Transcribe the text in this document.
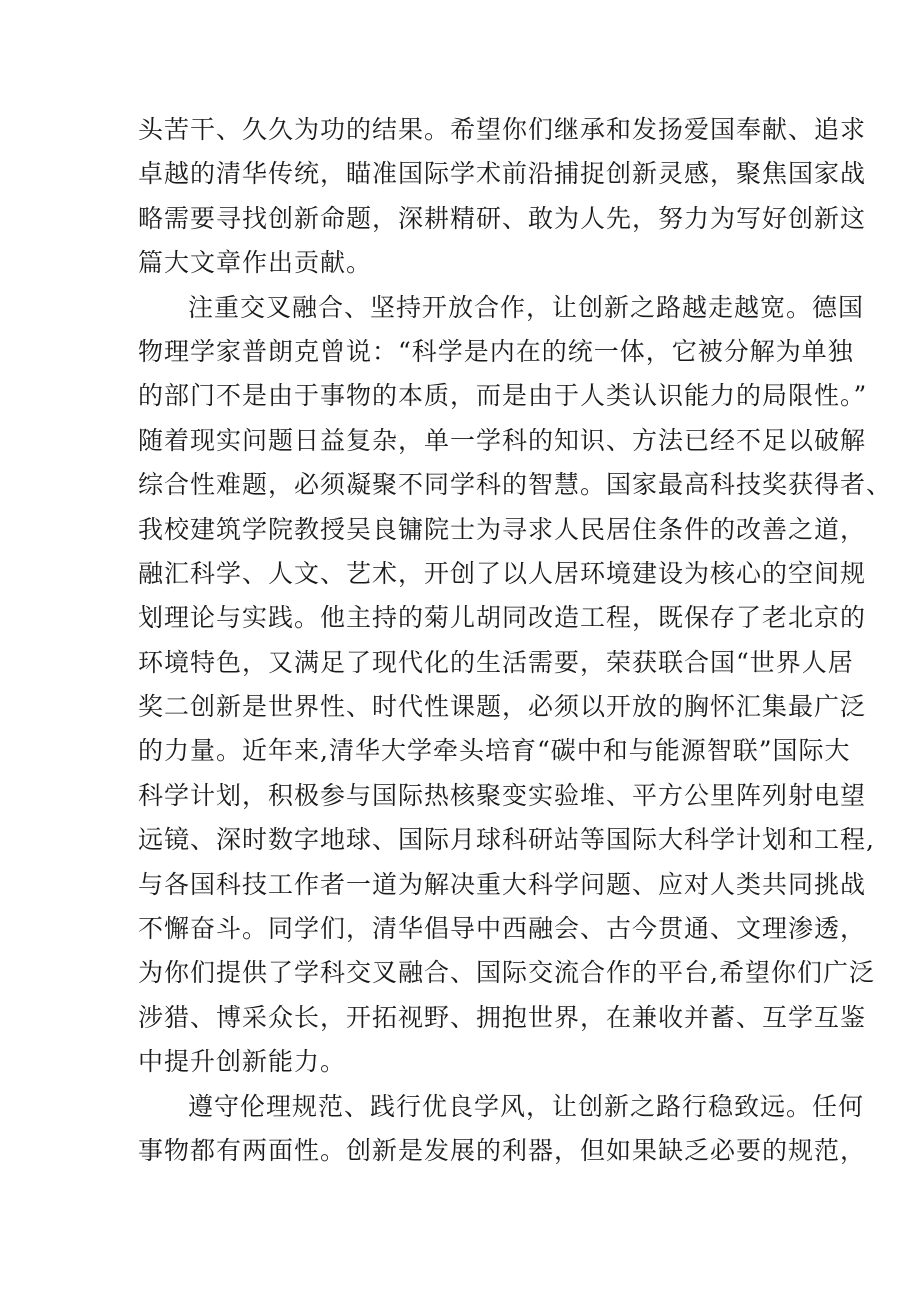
头苦干、久久为功的结果。希望你们继承和发扬爱国奉献、追求
卓越的清华传统，瞄准国际学术前沿捕捉创新灵感，聚焦国家战
略需要寻找创新命题，深耕精研、敢为人先，努力为写好创新这
篇大文章作出贡献。
注重交叉融合、坚持开放合作，让创新之路越走越宽。德国
物理学家普朗克曾说：“科学是内在的统一体，它被分解为单独
的部门不是由于事物的本质，而是由于人类认识能力的局限性。”
随着现实问题日益复杂，单一学科的知识、方法已经不足以破解
综合性难题，必须凝聚不同学科的智慧。国家最高科技奖获得者、
我校建筑学院教授吴良镛院士为寻求人民居住条件的改善之道，
融汇科学、人文、艺术，开创了以人居环境建设为核心的空间规
划理论与实践。他主持的菊儿胡同改造工程，既保存了老北京的
环境特色，又满足了现代化的生活需要，荣获联合国“世界人居
奖二创新是世界性、时代性课题，必须以开放的胸怀汇集最广泛
的力量。近年来,清华大学牵头培育“碳中和与能源智联”国际大
科学计划，积极参与国际热核聚变实验堆、平方公里阵列射电望
远镜、深时数字地球、国际月球科研站等国际大科学计划和工程,
与各国科技工作者一道为解决重大科学问题、应对人类共同挑战
不懈奋斗。同学们，清华倡导中西融会、古今贯通、文理渗透，
为你们提供了学科交叉融合、国际交流合作的平台,希望你们广泛
涉猎、博采众长，开拓视野、拥抱世界，在兼收并蓄、互学互鉴
中提升创新能力。
遵守伦理规范、践行优良学风，让创新之路行稳致远。任何
事物都有两面性。创新是发展的利器，但如果缺乏必要的规范，
